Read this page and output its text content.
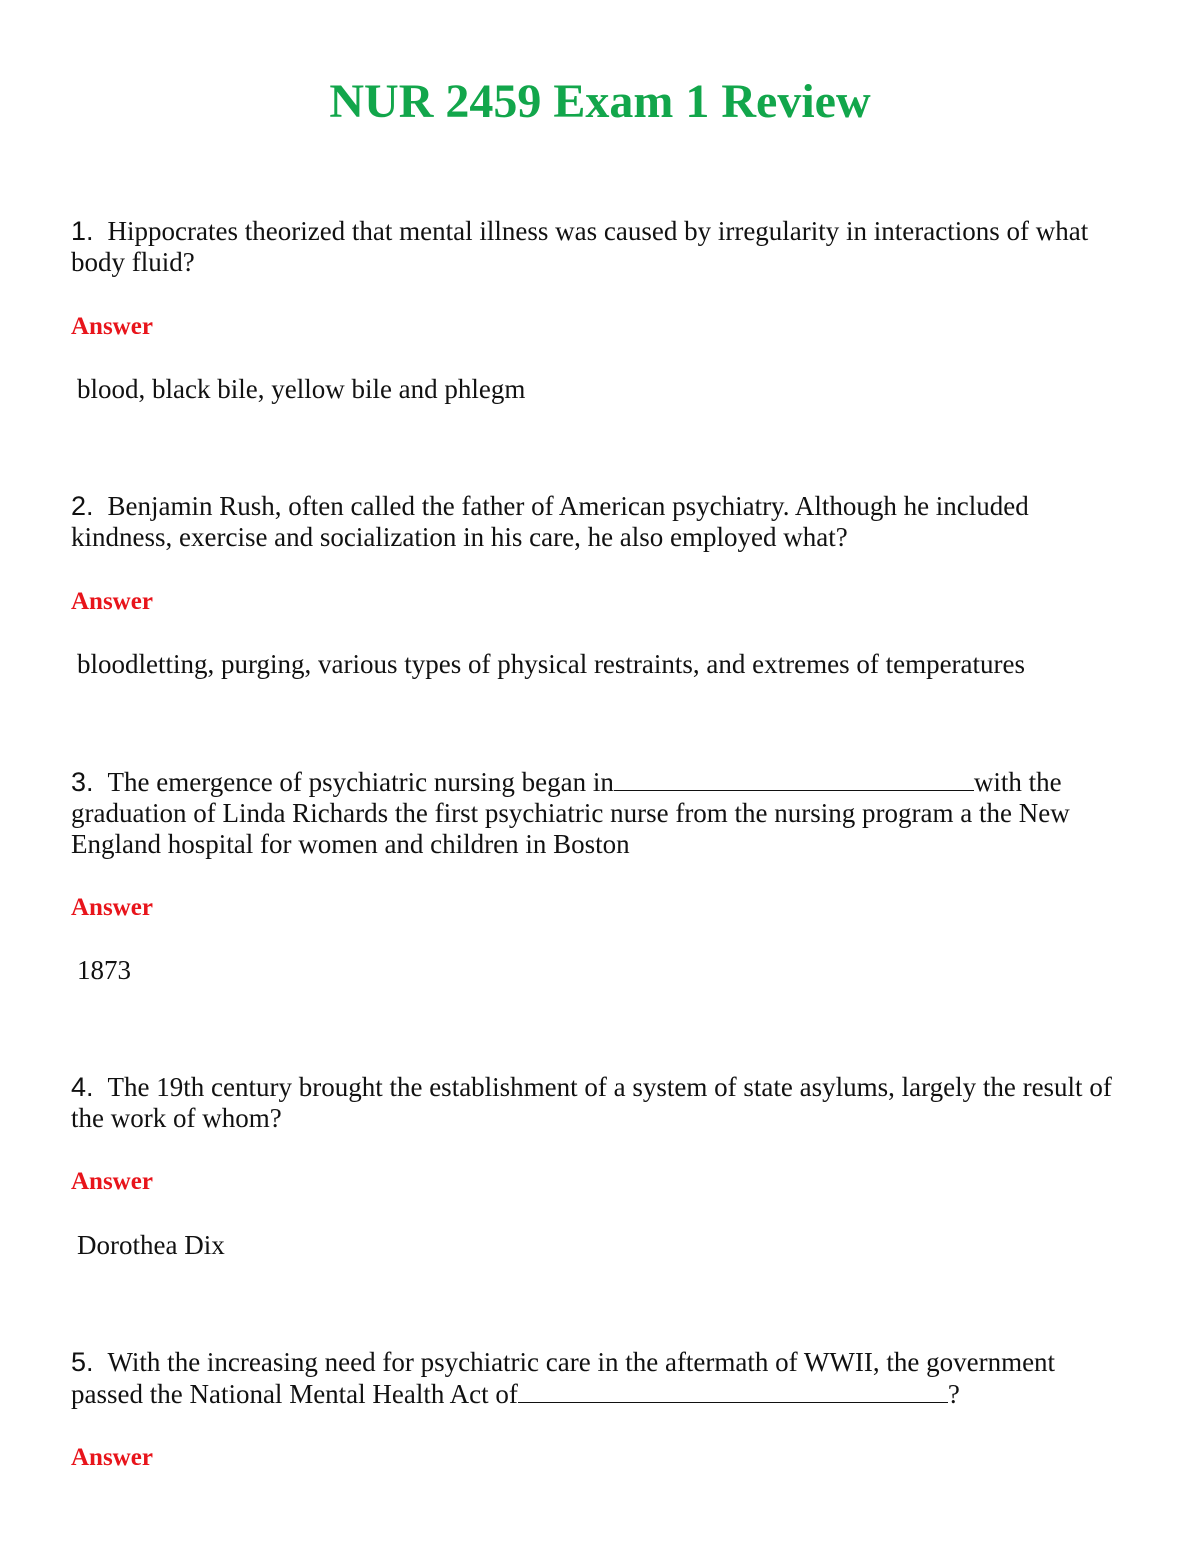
NUR 2459 Exam 1 Review
1. Hippocrates theorized that mental illness was caused by irregularity in interactions of what body fluid?
Answer
blood, black bile, yellow bile and phlegm
2. Benjamin Rush, often called the father of American psychiatry. Although he included kindness, exercise and socialization in his care, he also employed what?
Answer
bloodletting, purging, various types of physical restraints, and extremes of temperatures
3. The emergence of psychiatric nursing began in	with the graduation of Linda Richards the first psychiatric nurse from the nursing program a the New England hospital for women and children in Boston
Answer
1873
4. The 19th century brought the establishment of a system of state asylums, largely the result of the work of whom?
Answer
Dorothea Dix
5. With the increasing need for psychiatric care in the aftermath of WWII, the government passed the National Mental Health Act of	?
Answer
